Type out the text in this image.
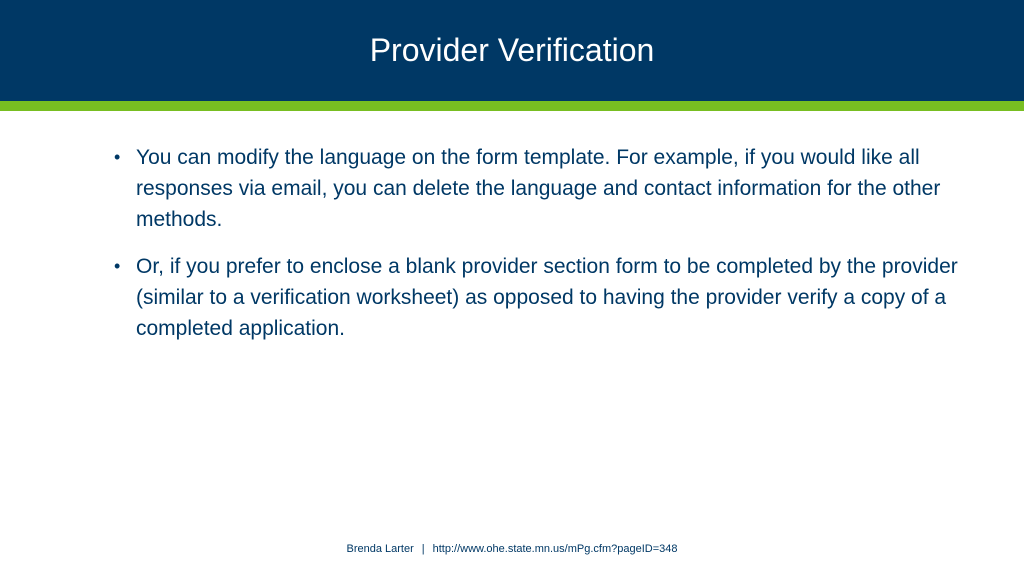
Provider Verification
• You can modify the language on the form template. For example, if you would like all responses via email, you can delete the language and contact information for the other methods.
• Or, if you prefer to enclose a blank provider section form to be completed by the provider (similar to a verification worksheet) as opposed to having the provider verify a copy of a completed application.
Brenda Larter | http://www.ohe.state.mn.us/mPg.cfm?pageID=348
